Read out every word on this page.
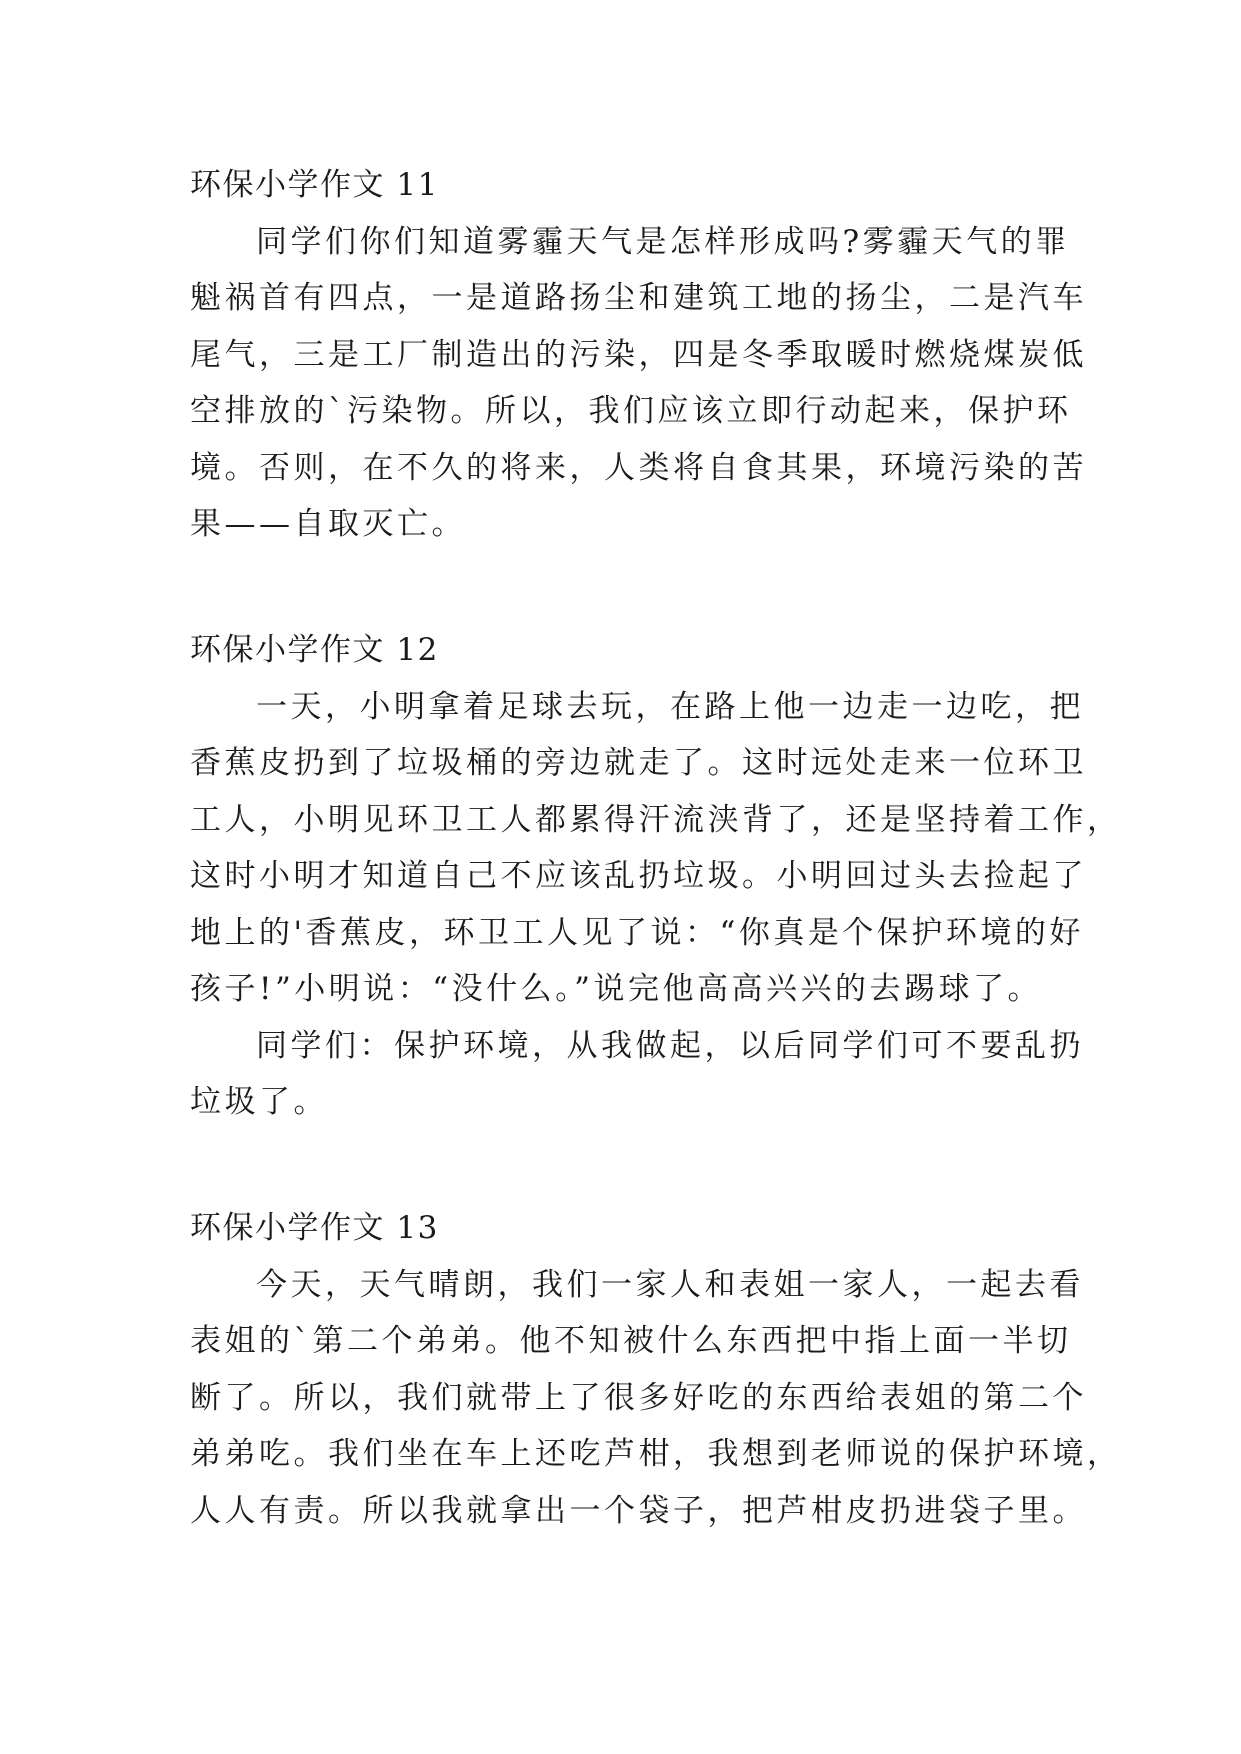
环保小学作文 11
同学们你们知道雾霾天气是怎样形成吗?雾霾天气的罪
魁祸首有四点，一是道路扬尘和建筑工地的扬尘，二是汽车
尾气，三是工厂制造出的污染，四是冬季取暖时燃烧煤炭低
空排放的`污染物。所以，我们应该立即行动起来，保护环
境。否则，在不久的将来，人类将自食其果，环境污染的苦
果——自取灭亡。
环保小学作文 12
一天，小明拿着足球去玩，在路上他一边走一边吃，把
香蕉皮扔到了垃圾桶的旁边就走了。这时远处走来一位环卫
工人，小明见环卫工人都累得汗流浃背了，还是坚持着工作，
这时小明才知道自己不应该乱扔垃圾。小明回过头去捡起了
地上的'香蕉皮，环卫工人见了说：“你真是个保护环境的好
孩子!”小明说：“没什么。”说完他高高兴兴的去踢球了。
同学们：保护环境，从我做起，以后同学们可不要乱扔
垃圾了。
环保小学作文 13
今天，天气晴朗，我们一家人和表姐一家人，一起去看
表姐的`第二个弟弟。他不知被什么东西把中指上面一半切
断了。所以，我们就带上了很多好吃的东西给表姐的第二个
弟弟吃。我们坐在车上还吃芦柑，我想到老师说的保护环境，
人人有责。所以我就拿出一个袋子，把芦柑皮扔进袋子里。
